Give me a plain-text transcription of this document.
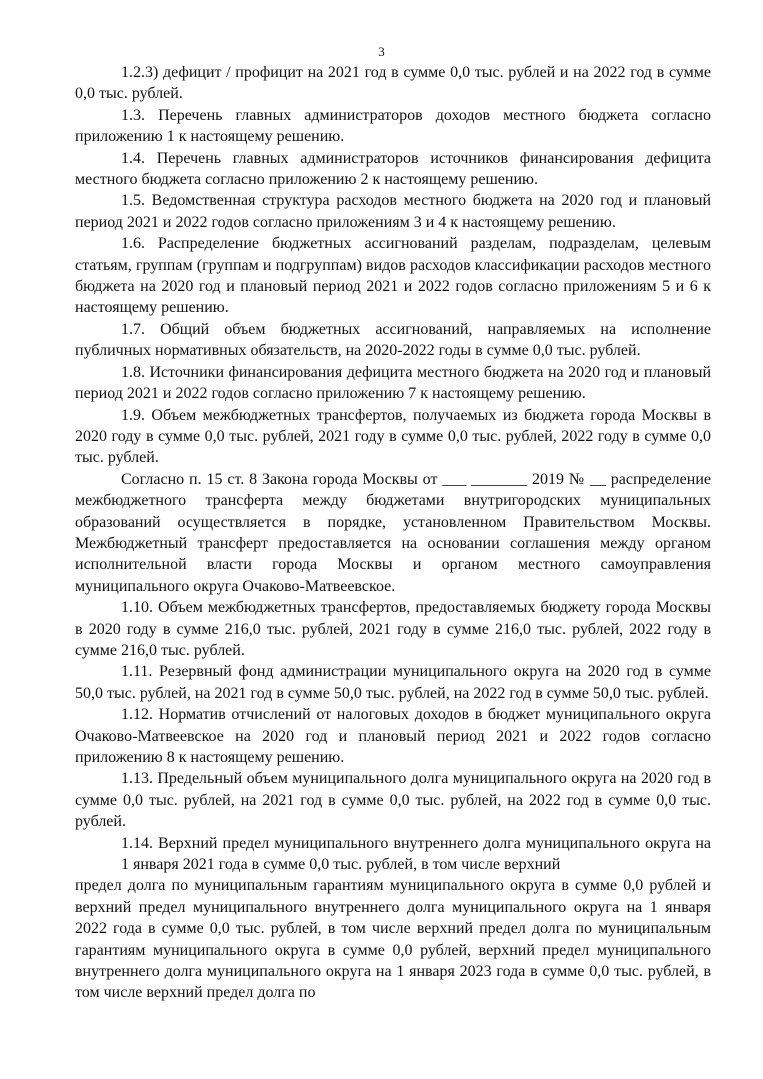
3

1.2.3) дефицит / профицит на 2021 год в сумме 0,0 тыс. рублей и на 2022 год в сумме 0,0 тыс. рублей.

1.3. Перечень главных администраторов доходов местного бюджета согласно приложению 1 к настоящему решению.

1.4. Перечень главных администраторов источников финансирования дефицита местного бюджета согласно приложению 2 к настоящему решению.

1.5. Ведомственная структура расходов местного бюджета на 2020 год и плановый период 2021 и 2022 годов согласно приложениям 3 и 4 к настоящему решению.

1.6. Распределение бюджетных ассигнований разделам, подразделам, целевым статьям, группам (группам и подгруппам) видов расходов классификации расходов местного бюджета на 2020 год и плановый период 2021 и 2022 годов согласно приложениям 5 и 6 к настоящему решению.

1.7. Общий объем бюджетных ассигнований, направляемых на исполнение публичных нормативных обязательств, на 2020-2022 годы в сумме 0,0 тыс. рублей.

1.8. Источники финансирования дефицита местного бюджета на 2020 год и плановый период 2021 и 2022 годов согласно приложению 7 к настоящему решению.

1.9. Объем межбюджетных трансфертов, получаемых из бюджета города Москвы в 2020 году в сумме 0,0 тыс. рублей, 2021 году в сумме 0,0 тыс. рублей, 2022 году в сумме 0,0 тыс. рублей.

Согласно п. 15 ст. 8 Закона города Москвы от ___ _______ 2019 № __ распределение межбюджетного трансферта между бюджетами внутригородских муниципальных образований осуществляется в порядке, установленном Правительством Москвы. Межбюджетный трансферт предоставляется на основании соглашения между органом исполнительной власти города Москвы и органом местного самоуправления муниципального округа Очаково-Матвеевское.

1.10. Объем межбюджетных трансфертов, предоставляемых бюджету города Москвы в 2020 году в сумме 216,0 тыс. рублей, 2021 году в сумме 216,0 тыс. рублей, 2022 году в сумме 216,0 тыс. рублей.

1.11. Резервный фонд администрации муниципального округа на 2020 год в сумме 50,0 тыс. рублей, на 2021 год в сумме 50,0 тыс. рублей, на 2022 год в сумме 50,0 тыс. рублей.

1.12. Норматив отчислений от налоговых доходов в бюджет муниципального округа Очаково-Матвеевское на 2020 год и плановый период 2021 и 2022 годов согласно приложению 8 к настоящему решению.

1.13. Предельный объем муниципального долга муниципального округа на 2020 год в сумме 0,0 тыс. рублей, на 2021 год в сумме 0,0 тыс. рублей, на 2022 год в сумме 0,0 тыс. рублей.

1.14. Верхний предел муниципального внутреннего долга муниципального округа на 1 января 2021 года в сумме 0,0 тыс. рублей, в том числе верхний
предел долга по муниципальным гарантиям муниципального округа в сумме 0,0 рублей и верхний предел муниципального внутреннего долга муниципального округа на 1 января 2022 года в сумме 0,0 тыс. рублей, в том числе верхний предел долга по муниципальным гарантиям муниципального округа в сумме 0,0 рублей, верхний предел муниципального внутреннего долга муниципального округа на 1 января 2023 года в сумме 0,0 тыс. рублей, в том числе верхний предел долга по
